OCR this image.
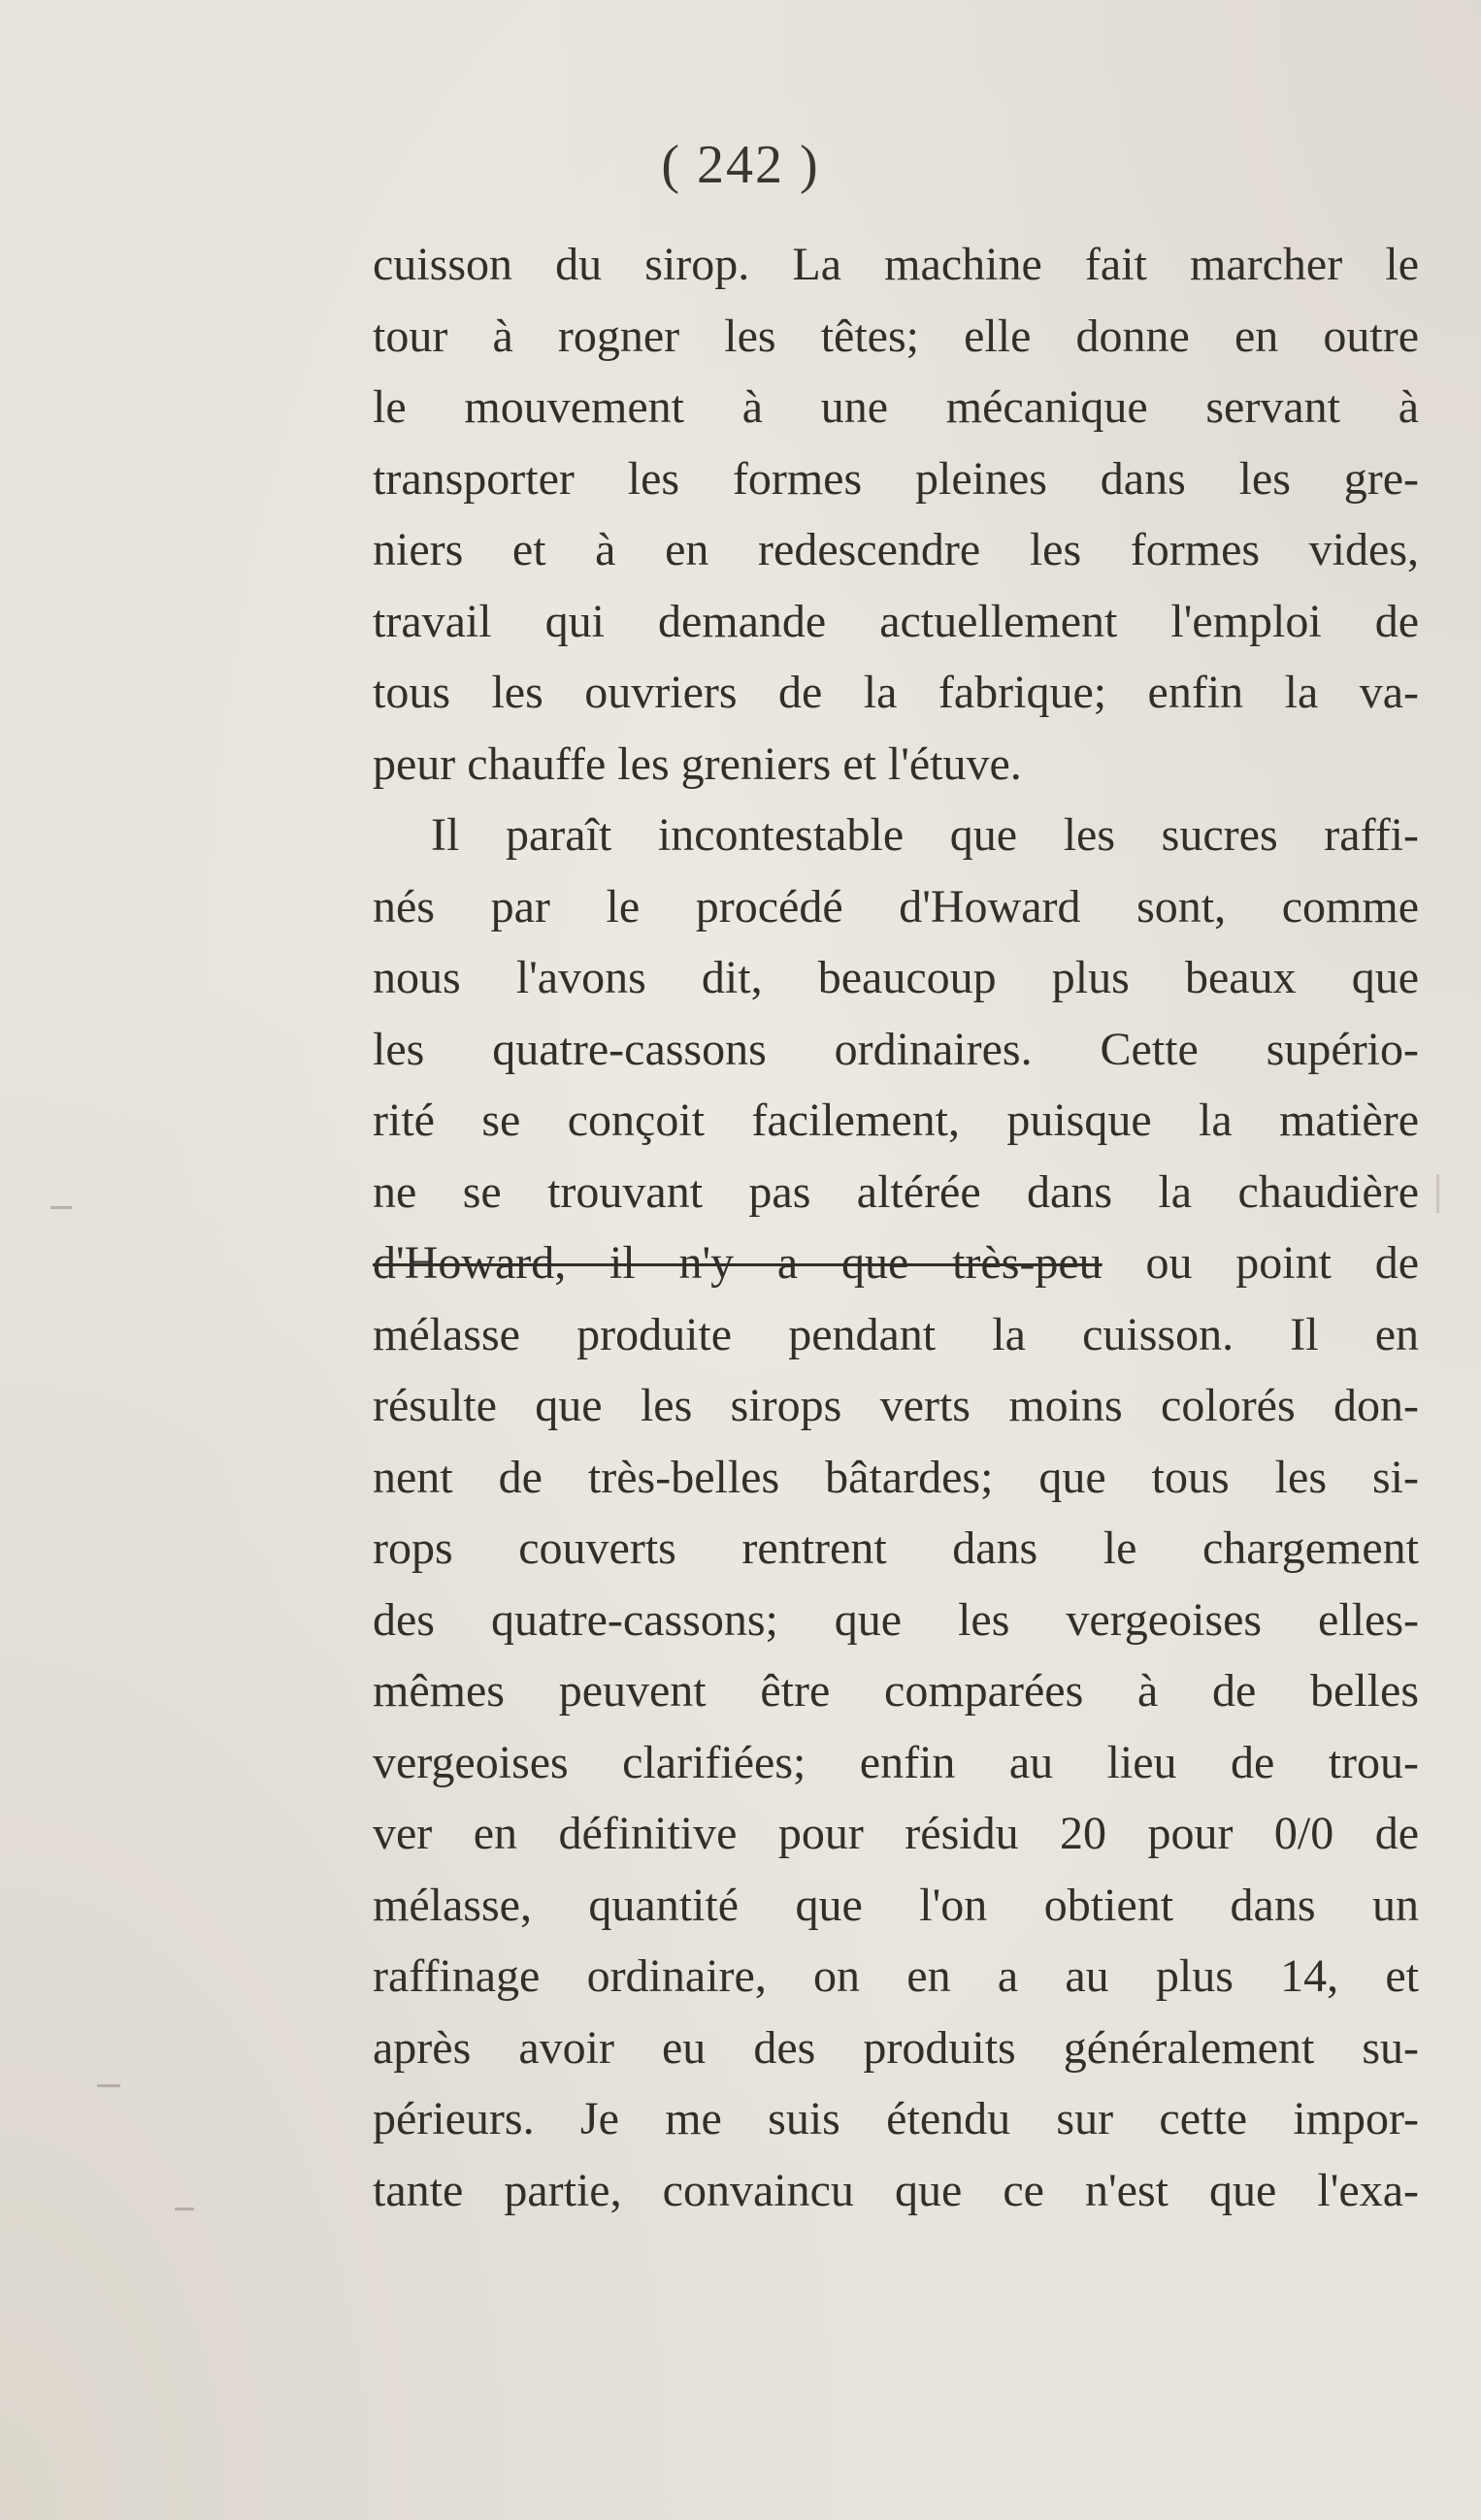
( 242 )
cuisson du sirop. La machine fait marcher le
tour à rogner les têtes; elle donne en outre
le mouvement à une mécanique servant à
transporter les formes pleines dans les gre-
niers et à en redescendre les formes vides,
travail qui demande actuellement l'emploi de
tous les ouvriers de la fabrique; enfin la va-
peur chauffe les greniers et l'étuve.
Il paraît incontestable que les sucres raffi-
nés par le procédé d'Howard sont, comme
nous l'avons dit, beaucoup plus beaux que
les quatre-cassons ordinaires. Cette supério-
rité se conçoit facilement, puisque la matière
ne se trouvant pas altérée dans la chaudière
d'Howard, il n'y a que très-peu ou point de
mélasse produite pendant la cuisson. Il en
résulte que les sirops verts moins colorés don-
nent de très-belles bâtardes; que tous les si-
rops couverts rentrent dans le chargement
des quatre-cassons; que les vergeoises elles-
mêmes peuvent être comparées à de belles
vergeoises clarifiées; enfin au lieu de trou-
ver en définitive pour résidu 20 pour 0/0 de
mélasse, quantité que l'on obtient dans un
raffinage ordinaire, on en a au plus 14, et
après avoir eu des produits généralement su-
périeurs. Je me suis étendu sur cette impor-
tante partie, convaincu que ce n'est que l'exa-
